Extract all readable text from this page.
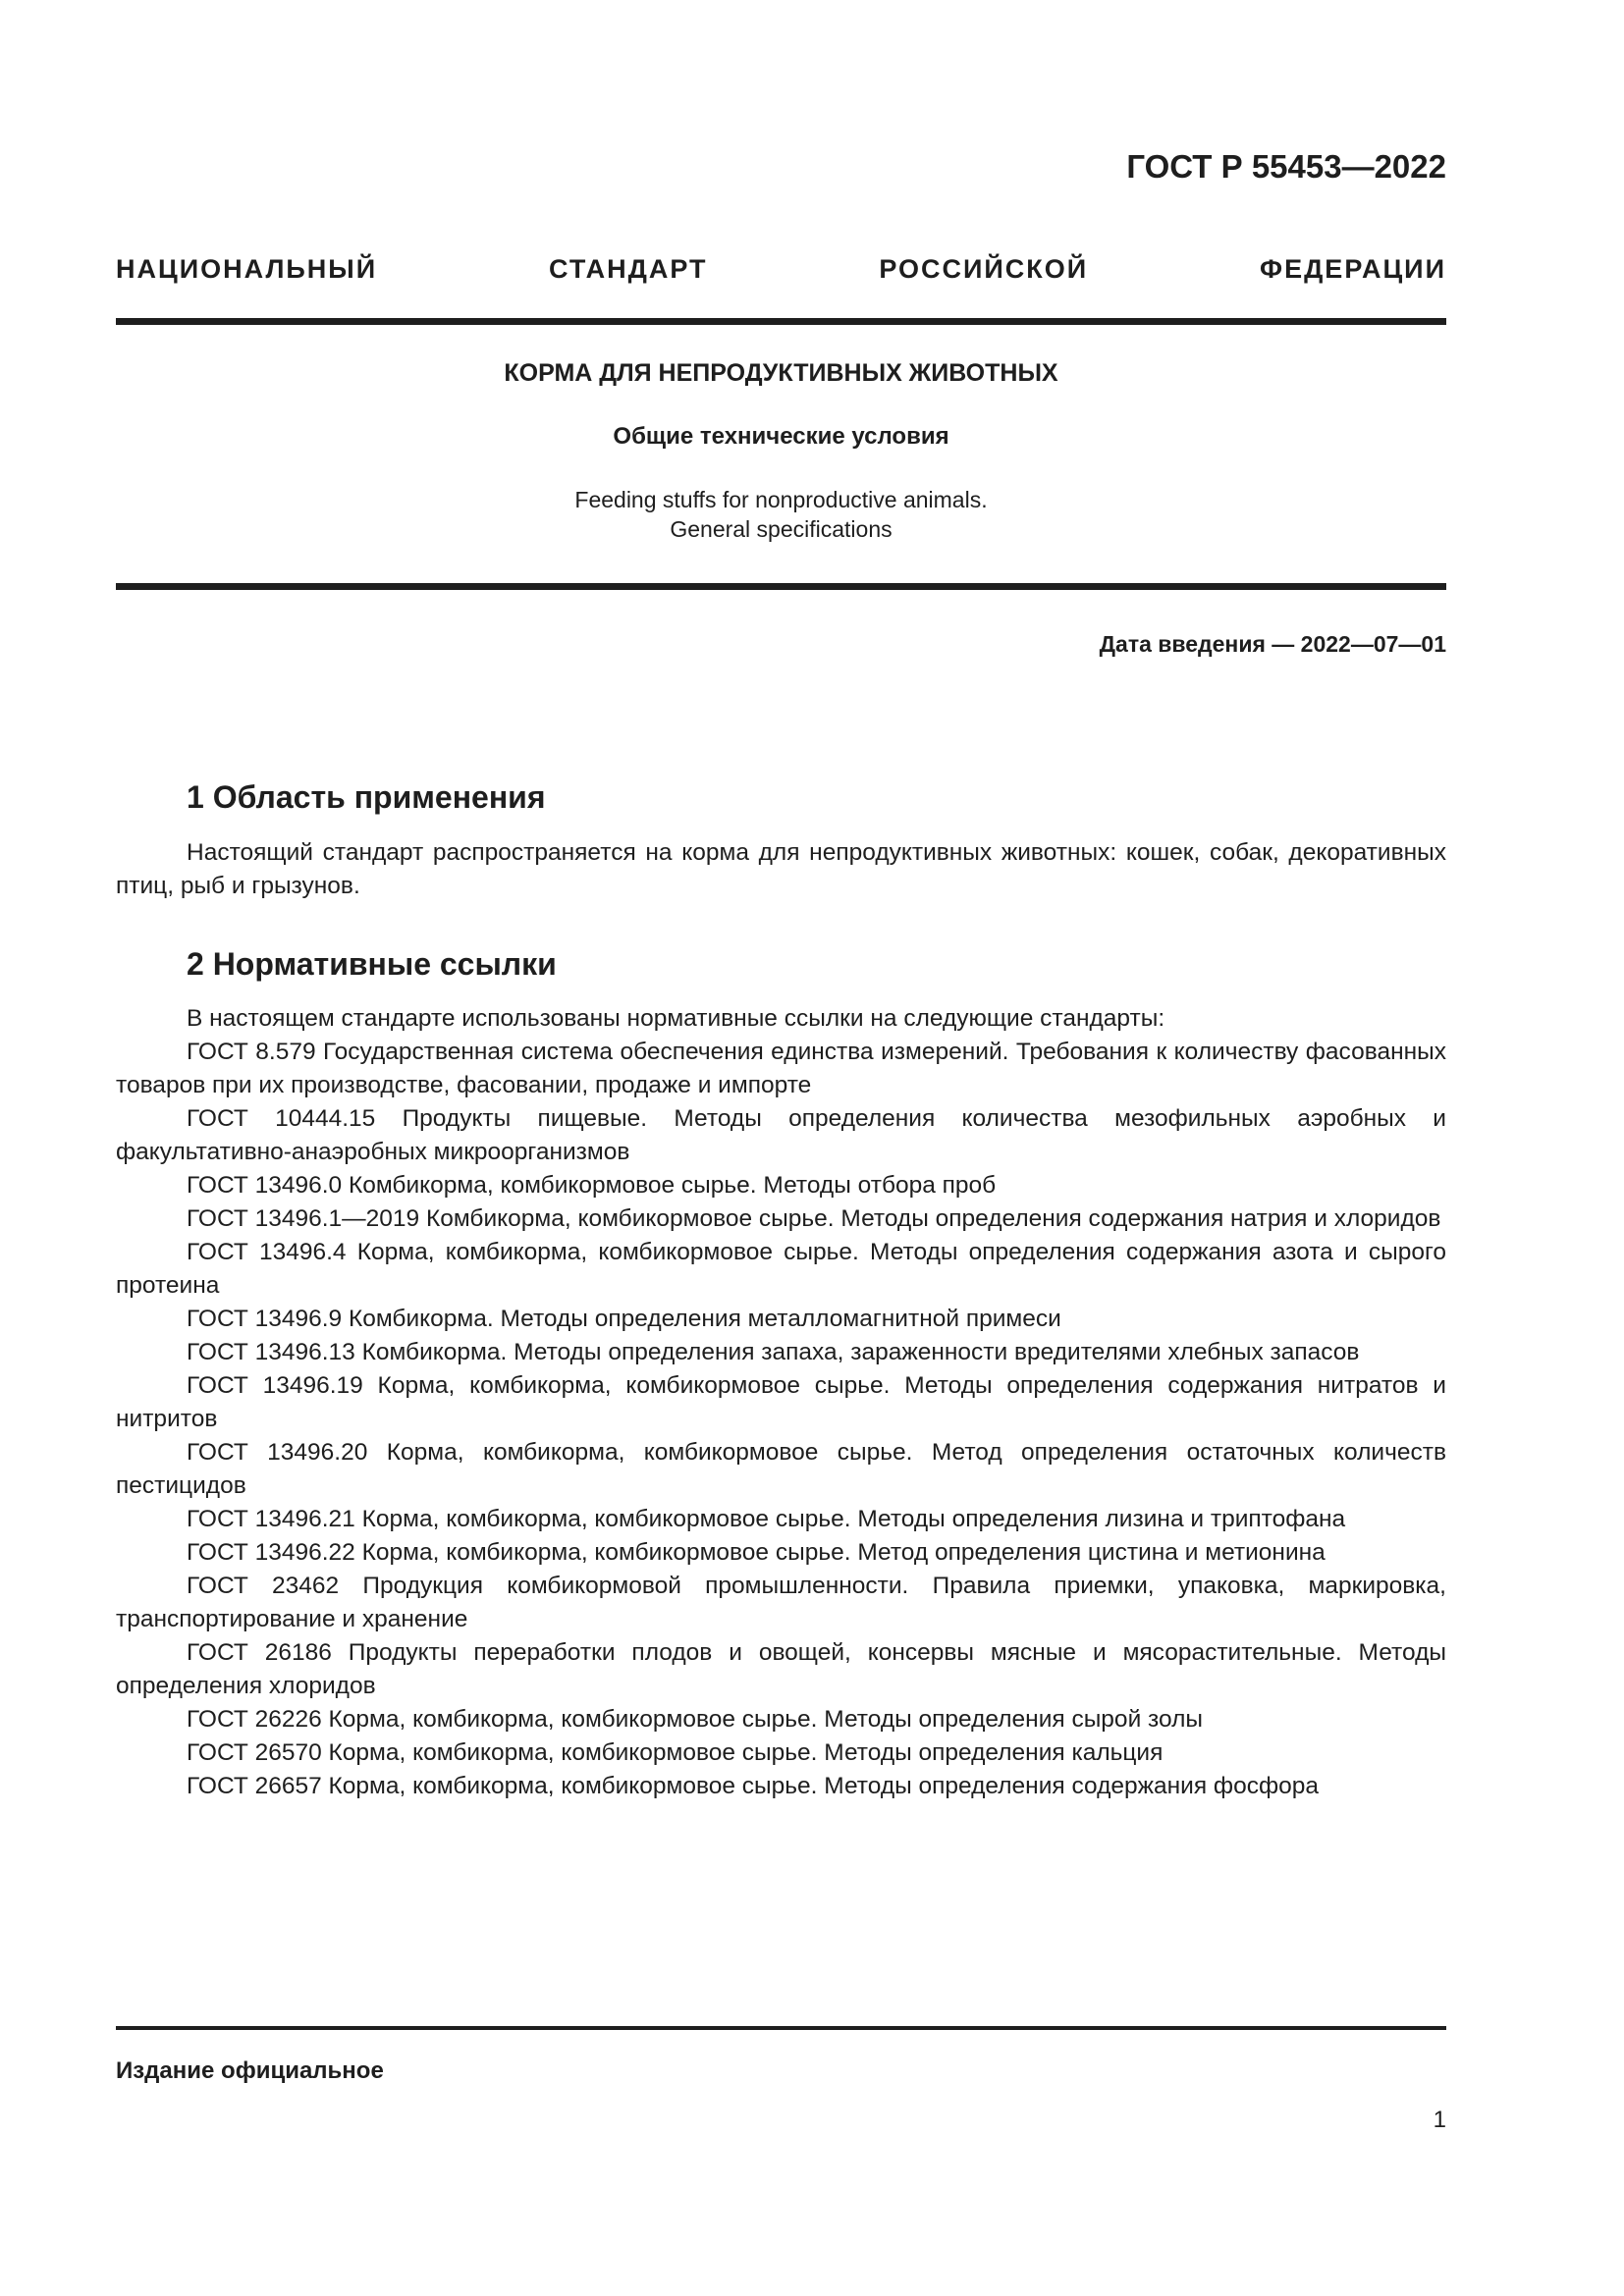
ГОСТ Р 55453—2022
НАЦИОНАЛЬНЫЙ СТАНДАРТ РОССИЙСКОЙ ФЕДЕРАЦИИ
КОРМА ДЛЯ НЕПРОДУКТИВНЫХ ЖИВОТНЫХ
Общие технические условия
Feeding stuffs for nonproductive animals.
General specifications
Дата введения — 2022—07—01
1 Область применения

Настоящий стандарт распространяется на корма для непродуктивных животных: кошек, собак, декоративных птиц, рыб и грызунов.

2 Нормативные ссылки

В настоящем стандарте использованы нормативные ссылки на следующие стандарты:

ГОСТ 8.579 Государственная система обеспечения единства измерений. Требования к количеству фасованных товаров при их производстве, фасовании, продаже и импорте

ГОСТ 10444.15 Продукты пищевые. Методы определения количества мезофильных аэробных и факультативно-анаэробных микроорганизмов

ГОСТ 13496.0 Комбикорма, комбикормовое сырье. Методы отбора проб

ГОСТ 13496.1—2019 Комбикорма, комбикормовое сырье. Методы определения содержания натрия и хлоридов

ГОСТ 13496.4 Корма, комбикорма, комбикормовое сырье. Методы определения содержания азота и сырого протеина

ГОСТ 13496.9 Комбикорма. Методы определения металломагнитной примеси

ГОСТ 13496.13 Комбикорма. Методы определения запаха, зараженности вредителями хлебных запасов

ГОСТ 13496.19 Корма, комбикорма, комбикормовое сырье. Методы определения содержания нитратов и нитритов

ГОСТ 13496.20 Корма, комбикорма, комбикормовое сырье. Метод определения остаточных количеств пестицидов

ГОСТ 13496.21 Корма, комбикорма, комбикормовое сырье. Методы определения лизина и триптофана

ГОСТ 13496.22 Корма, комбикорма, комбикормовое сырье. Метод определения цистина и метионина

ГОСТ 23462 Продукция комбикормовой промышленности. Правила приемки, упаковка, маркировка, транспортирование и хранение

ГОСТ 26186 Продукты переработки плодов и овощей, консервы мясные и мясорастительные. Методы определения хлоридов

ГОСТ 26226 Корма, комбикорма, комбикормовое сырье. Методы определения сырой золы

ГОСТ 26570 Корма, комбикорма, комбикормовое сырье. Методы определения кальция

ГОСТ 26657 Корма, комбикорма, комбикормовое сырье. Методы определения содержания фосфора

Издание официальное
1
